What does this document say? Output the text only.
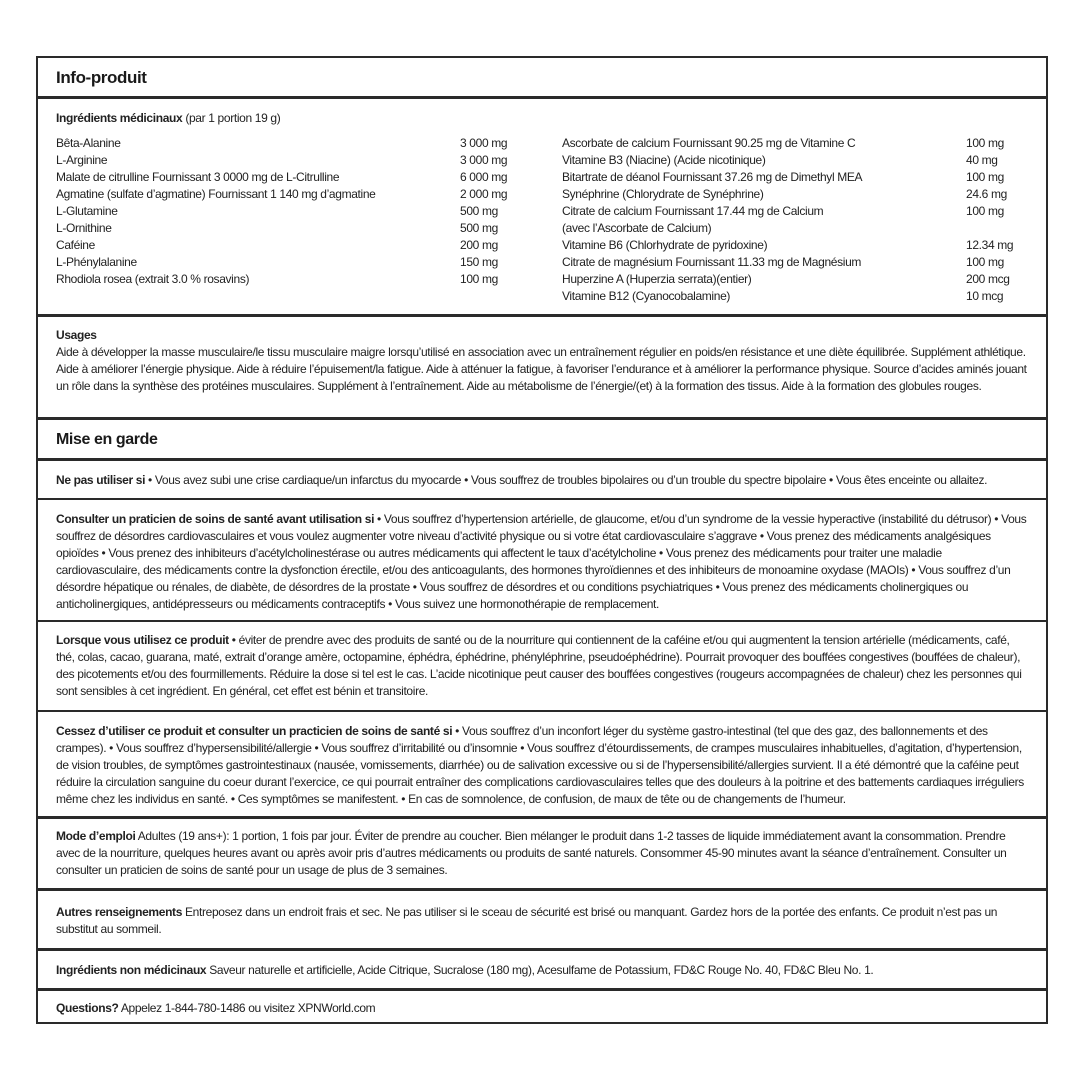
Info-produit
Ingrédients médicinaux (par 1 portion 19 g)
Bêta-Alanine	3 000 mg
L-Arginine	3 000 mg
Malate de citrulline Fournissant 3 0000 mg de L-Citrulline	6 000 mg
Agmatine (sulfate d’agmatine) Fournissant 1 140 mg d’agmatine	2 000 mg
L-Glutamine	500 mg
L-Ornithine	500 mg
Caféine	200 mg
L-Phénylalanine	150 mg
Rhodiola rosea (extrait 3.0 % rosavins)	100 mg
Ascorbate de calcium Fournissant 90.25 mg de Vitamine C	100 mg
Vitamine B3 (Niacine) (Acide nicotinique)	40 mg
Bitartrate de déanol Fournissant 37.26 mg de Dimethyl MEA	100 mg
Synéphrine (Chlorydrate de Synéphrine)	24.6 mg
Citrate de calcium Fournissant 17.44 mg de Calcium	100 mg
(avec l’Ascorbate de Calcium)
Vitamine B6 (Chlorhydrate de pyridoxine)	12.34 mg
Citrate de magnésium Fournissant 11.33 mg de Magnésium	100 mg
Huperzine A (Huperzia serrata)(entier)	200 mcg
Vitamine B12 (Cyanocobalamine)	10 mcg
Usages
Aide à développer la masse musculaire/le tissu musculaire maigre lorsqu’utilisé en association avec un entraînement régulier en poids/en résistance et une diète équilibrée. Supplément athlétique. Aide à améliorer l’énergie physique. Aide à réduire l’épuisement/la fatigue. Aide à atténuer la fatigue, à favoriser l’endurance et à améliorer la performance physique. Source d’acides aminés jouant un rôle dans la synthèse des protéines musculaires. Supplément à l’entraînement. Aide au métabolisme de l’énergie/(et) à la formation des tissus. Aide à la formation des globules rouges.
Mise en garde
Ne pas utiliser si • Vous avez subi une crise cardiaque/un infarctus du myocarde • Vous souffrez de troubles bipolaires ou d’un trouble du spectre bipolaire • Vous êtes enceinte ou allaitez.
Consulter un praticien de soins de santé avant utilisation si • Vous souffrez d’hypertension artérielle, de glaucome, et/ou d’un syndrome de la vessie hyperactive (instabilité du détrusor) • Vous souffrez de désordres cardiovasculaires et vous voulez augmenter votre niveau d’activité physique ou si votre état cardiovasculaire s’aggrave • Vous prenez des médicaments analgésiques opioïdes • Vous prenez des inhibiteurs d’acétylcholinestérase ou autres médicaments qui affectent le taux d’acétylcholine • Vous prenez des médicaments pour traiter une maladie cardiovasculaire, des médicaments contre la dysfonction érectile, et/ou des anticoagulants, des hormones thyroïdiennes et des inhibiteurs de monoamine oxydase (MAOIs) • Vous souffrez d’un désordre hépatique ou rénales, de diabète, de désordres de la prostate • Vous souffrez de désordres et ou conditions psychiatriques • Vous prenez des médicaments cholinergiques ou anticholinergiques, antidépresseurs ou médicaments contraceptifs • Vous suivez une hormonothérapie de remplacement.
Lorsque vous utilisez ce produit • éviter de prendre avec des produits de santé ou de la nourriture qui contiennent de la caféine et/ou qui augmentent la tension artérielle (médicaments, café, thé, colas, cacao, guarana, maté, extrait d’orange amère, octopamine, éphédra, éphédrine, phényléphrine, pseudoéphédrine). Pourrait provoquer des bouffées congestives (bouffées de chaleur), des picotements et/ou des fourmillements. Réduire la dose si tel est le cas. L’acide nicotinique peut causer des bouffées congestives (rougeurs accompagnées de chaleur) chez les personnes qui sont sensibles à cet ingrédient. En général, cet effet est bénin et transitoire.
Cessez d’utiliser ce produit et consulter un practicien de soins de santé si • Vous souffrez d’un inconfort léger du système gastro-intestinal (tel que des gaz, des ballonnements et des crampes). • Vous souffrez d’hypersensibilité/allergie • Vous souffrez d’irritabilité ou d’insomnie • Vous souffrez d’étourdissements, de crampes musculaires inhabituelles, d’agitation, d’hypertension, de vision troubles, de symptômes gastrointestinaux (nausée, vomissements, diarrhée) ou de salivation excessive ou si de l’hypersensibilité/allergies survient. Il a été démontré que la caféine peut réduire la circulation sanguine du coeur durant l’exercice, ce qui pourrait entraîner des complications cardiovasculaires telles que des douleurs à la poitrine et des battements cardiaques irréguliers même chez les individus en santé. • Ces symptômes se manifestent. • En cas de somnolence, de confusion, de maux de tête ou de changements de l’humeur.
Mode d’emploi Adultes (19 ans+): 1 portion, 1 fois par jour. Éviter de prendre au coucher. Bien mélanger le produit dans 1-2 tasses de liquide immédiatement avant la consommation. Prendre avec de la nourriture, quelques heures avant ou après avoir pris d’autres médicaments ou produits de santé naturels. Consommer 45-90 minutes avant la séance d’entraînement. Consulter un consulter un praticien de soins de santé pour un usage de plus de 3 semaines.
Autres renseignements Entreposez dans un endroit frais et sec. Ne pas utiliser si le sceau de sécurité est brisé ou manquant. Gardez hors de la portée des enfants. Ce produit n’est pas un substitut au sommeil.
Ingrédients non médicinaux Saveur naturelle et artificielle, Acide Citrique, Sucralose (180 mg), Acesulfame de Potassium, FD&C Rouge No. 40, FD&C Bleu No. 1.
Questions? Appelez 1-844-780-1486 ou visitez XPNWorld.com
